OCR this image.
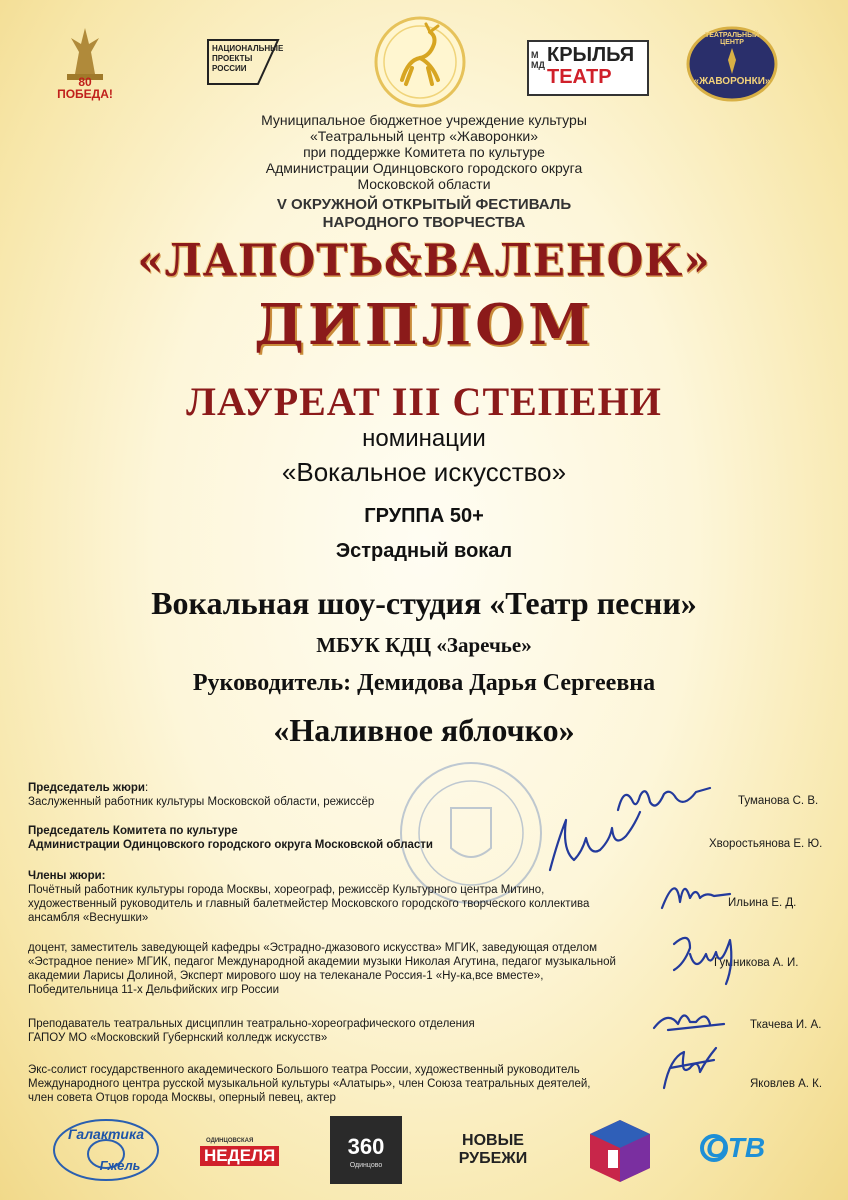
80 ПОБЕДА!
НАЦИОНАЛЬНЫЕ ПРОЕКТЫ РОССИИ
ММД КРЫЛЬЯ
ТЕАТР
ТЕАТРАЛЬНЫЙ ЦЕНТР
«ЖАВОРОНКИ»
Муниципальное бюджетное учреждение культуры
«Театральный центр «Жаворонки»
при поддержке Комитета по культуре
Администрации Одинцовского городского округа
Московской области
V ОКРУЖНОЙ ОТКРЫТЫЙ ФЕСТИВАЛЬ
НАРОДНОГО ТВОРЧЕСТВА
«ЛАПОТЬ&ВАЛЕНОК»
ДИПЛОМ
ЛАУРЕАТ III СТЕПЕНИ
номинации
«Вокальное искусство»
ГРУППА 50+
Эстрадный вокал
Вокальная шоу-студия «Театр песни»
МБУК КДЦ «Заречье»
Руководитель: Демидова Дарья Сергеевна
«Наливное яблочко»
Председатель жюри:
Заслуженный работник культуры Московской области, режиссёр	Туманова С. В.
Председатель Комитета по культуре
Администрации Одинцовского городского округа Московской области	Хворостьянова Е. Ю.
Члены жюри:
Почётный работник культуры города Москвы, хореограф, режиссёр Культурного центра Митино,
художественный руководитель и главный балетмейстер Московского городского творческого коллектива
ансамбля «Веснушки»
Ильина Е. Д.
доцент, заместитель заведующей кафедры «Эстрадно-джазового искусства» МГИК, заведующая отделом
«Эстрадное пение» МГИК, педагог Международной академии музыки Николая Агутина, педагог музыкальной
академии Ларисы Долиной, Эксперт мирового шоу на телеканале Россия-1 «Ну-ка,все вместе»,
Победительница 11-х Дельфийских игр России
Гумникова А. И.
Преподаватель театральных дисциплин театрально-хореографического отделения
ГАПОУ МО «Московский Губернский колледж искусств»
Ткачева И. А.
Экс-солист государственного академического Большого театра России, художественный руководитель
Международного центра русской музыкальной культуры «Алатырь», член Союза театральных деятелей,
член совета Отцов города Москвы, оперный певец, актер
Яковлев А. К.
Галактика
Гжель
ОДИНЦОВСКАЯ
НЕДЕЛЯ	360
Одинцово
НОВЫЕ
РУБЕЖИ	ОТВ
